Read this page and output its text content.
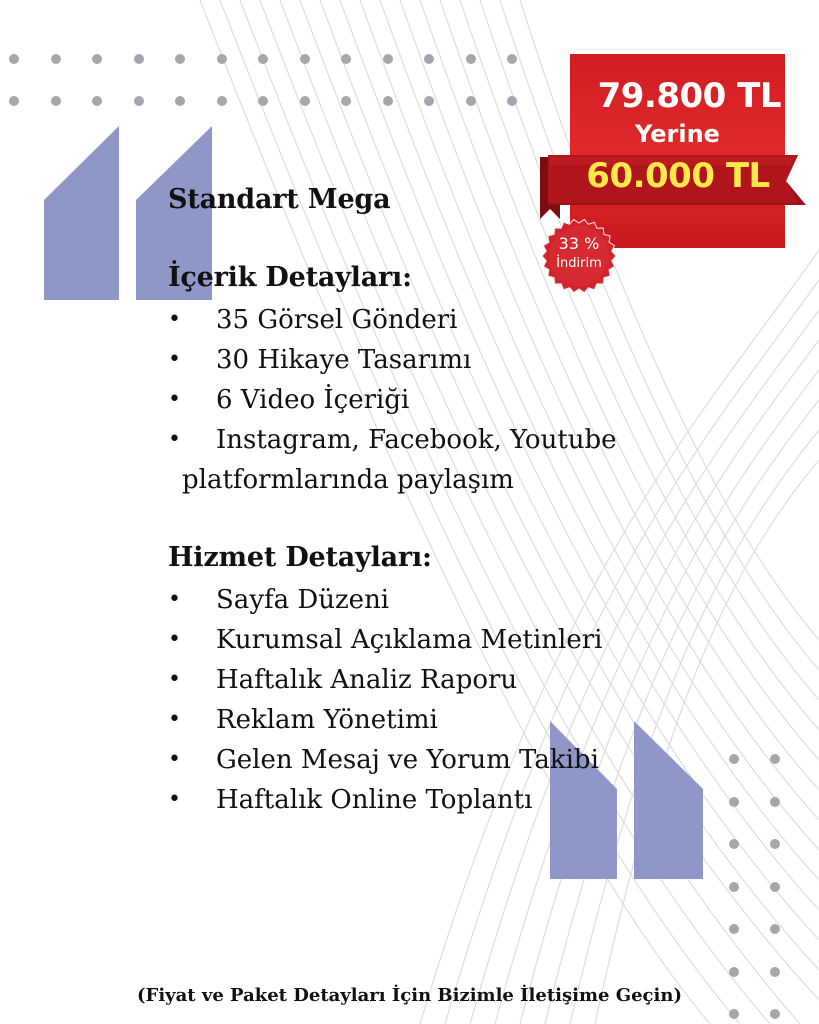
79.800 TL
Yerine
60.000 TL
33 %
İndirim
Standart Mega
İçerik Detayları:
• 35 Görsel Gönderi
• 30 Hikaye Tasarımı
• 6 Video İçeriği
• Instagram, Facebook, Youtube
platformlarında paylaşım
Hizmet Detayları:
• Sayfa Düzeni
• Kurumsal Açıklama Metinleri
• Haftalık Analiz Raporu
• Reklam Yönetimi
• Gelen Mesaj ve Yorum Takibi
• Haftalık Online Toplantı
(Fiyat ve Paket Detayları İçin Bizimle İletişime Geçin)
